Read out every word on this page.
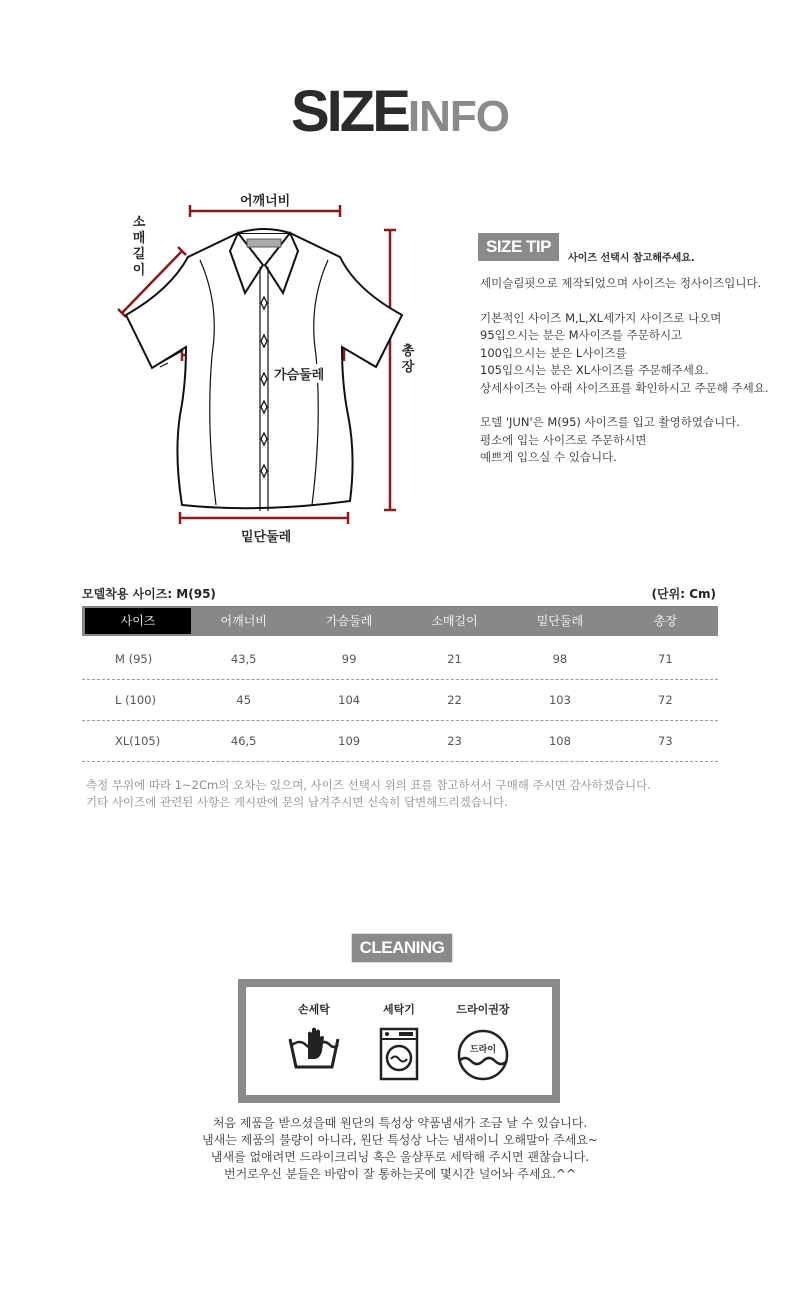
SIZEINFO
어깨너비
소매길이
가슴둘레
총장
밑단둘레
SIZE TIP
사이즈 선택시 참고해주세요.

세미슬림핏으로 제작되었으며 사이즈는 정사이즈입니다.

기본적인 사이즈 M,L,XL세가지 사이즈로 나오며

95입으시는 분은 M사이즈를 주문하시고

100입으시는 분은 L사이즈를

105입으시는 분은 XL사이즈를 주문해주세요.

상세사이즈는 아래 사이즈표를 확인하시고 주문해 주세요.

모델 'JUN'은 M(95) 사이즈를 입고 촬영하였습니다.

평소에 입는 사이즈로 주문하시면

예쁘게 입으실 수 있습니다.

모델착용 사이즈: M(95)	(단위: Cm)
사이즈	어깨너비	가슴둘레	소매길이	밑단둘레	총장
M (95)	43,5	99	21	98	71
L (100)	45	104	22	103	72
XL(105)	46,5	109	23	108	73

측정 부위에 따라 1~2Cm의 오차는 있으며, 사이즈 선택시 위의 표를 참고하셔서 구매해 주시면 감사하겠습니다.

기타 사이즈에 관련된 사항은 게시판에 문의 남겨주시면 신속히 답변해드리겠습니다.

CLEANING
손세탁	세탁기	드라이권장
드라이

처음 제품을 받으셨을때 원단의 특성상 약품냄새가 조금 날 수 있습니다.

냄새는 제품의 불량이 아니라, 원단 특성상 나는 냄새이니 오해말아 주세요~

냄새를 없애려면 드라이크리닝 혹은 울샴푸로 세탁해 주시면 괜찮습니다.

번거로우신 분들은 바람이 잘 통하는곳에 몇시간 널어놔 주세요.^^
